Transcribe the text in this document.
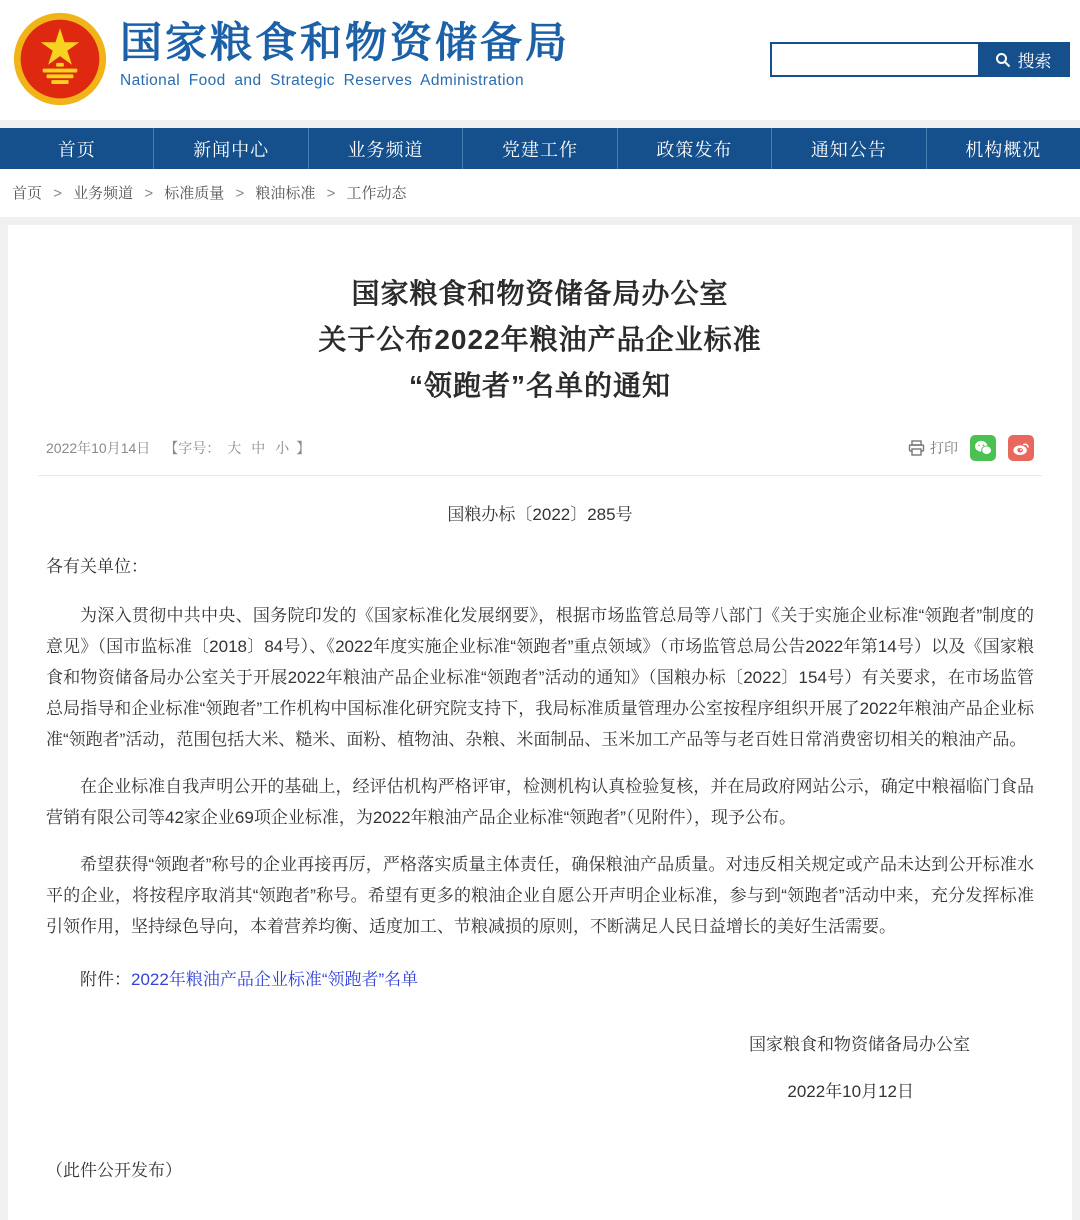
国家粮食和物资储备局
National Food and Strategic Reserves Administration
搜索
首页	新闻中心	业务频道	党建工作	政策发布	通知公告	机构概况
首页 > 业务频道 > 标准质量 > 粮油标准 > 工作动态
国家粮食和物资储备局办公室
关于公布2022年粮油产品企业标准
“领跑者”名单的通知
2022年10月14日 【字号： 大 中 小 】	打印
国粮办标〔2022〕285号
各有关单位：

为深入贯彻中共中央、国务院印发的《国家标准化发展纲要》，根据市场监管总局等八部门《关于实施企业标准“领跑者”制度的意见》（国市监标准〔2018〕84号）、《2022年度实施企业标准“领跑者”重点领域》（市场监管总局公告2022年第14号）以及《国家粮食和物资储备局办公室关于开展2022年粮油产品企业标准“领跑者”活动的通知》（国粮办标〔2022〕154号）有关要求，在市场监管总局指导和企业标准“领跑者”工作机构中国标准化研究院支持下，我局标准质量管理办公室按程序组织开展了2022年粮油产品企业标准“领跑者”活动，范围包括大米、糙米、面粉、植物油、杂粮、米面制品、玉米加工产品等与老百姓日常消费密切相关的粮油产品。

在企业标准自我声明公开的基础上，经评估机构严格评审，检测机构认真检验复核，并在局政府网站公示，确定中粮福临门食品营销有限公司等42家企业69项企业标准，为2022年粮油产品企业标准“领跑者”（见附件），现予公布。

希望获得“领跑者”称号的企业再接再厉，严格落实质量主体责任，确保粮油产品质量。对违反相关规定或产品未达到公开标准水平的企业，将按程序取消其“领跑者”称号。希望有更多的粮油企业自愿公开声明企业标准，参与到“领跑者”活动中来，充分发挥标准引领作用，坚持绿色导向，本着营养均衡、适度加工、节粮减损的原则，不断满足人民日益增长的美好生活需要。

附件：2022年粮油产品企业标准“领跑者”名单
国家粮食和物资储备局办公室
2022年10月12日
（此件公开发布）
